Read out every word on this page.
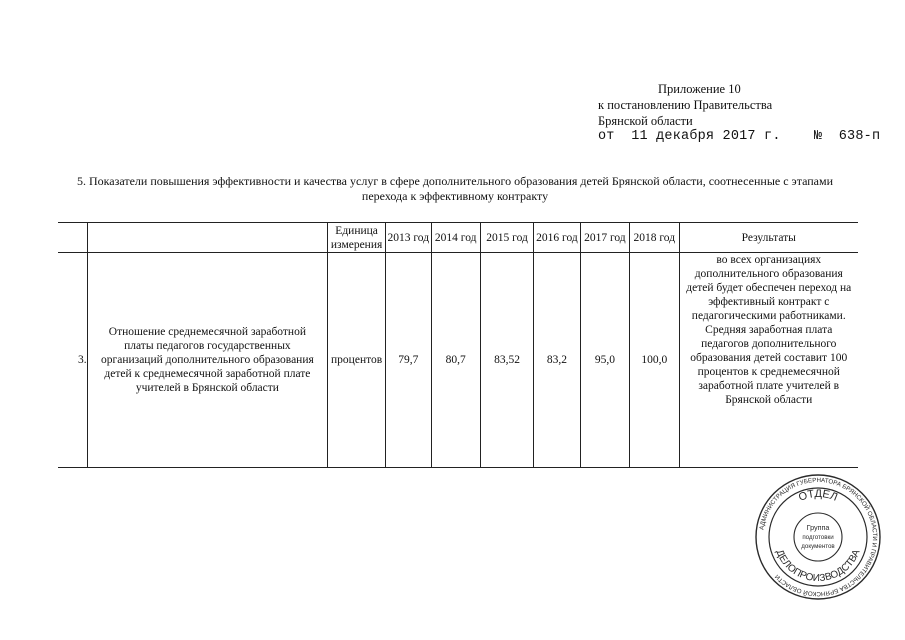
Приложение 10
к постановлению Правительства
Брянской области
от  11 декабря 2017 г.    №  638-п
5. Показатели повышения эффективности и качества услуг в сфере дополнительного образования детей Брянской области, соотнесенные с этапами перехода к эффективному контракту
		Единица измерения	2013 год	2014 год	2015 год	2016 год	2017 год	2018 год	Результаты
3.	Отношение среднемесячной заработной платы педагогов государственных организаций дополнительного образования детей к среднемесячной заработной плате учителей в Брянской области	процентов	79,7	80,7	83,52	83,2	95,0	100,0	во всех организациях дополнительного образования детей будет обеспечен переход на эффективный контракт с педагогическими работниками. Средняя заработная плата педагогов дополнительного образования детей составит 100 процентов к среднемесячной заработной плате учителей в Брянской области
АДМИНИСТРАЦИЯ ГУБЕРНАТОРА БРЯНСКОЙ ОБЛАСТИ И ПРАВИТЕЛЬСТВА БРЯНСКОЙ ОБЛАСТИ
ОТДЕЛ
ДЕЛОПРОИЗВОДСТВА
Группа
подготовки
документов
